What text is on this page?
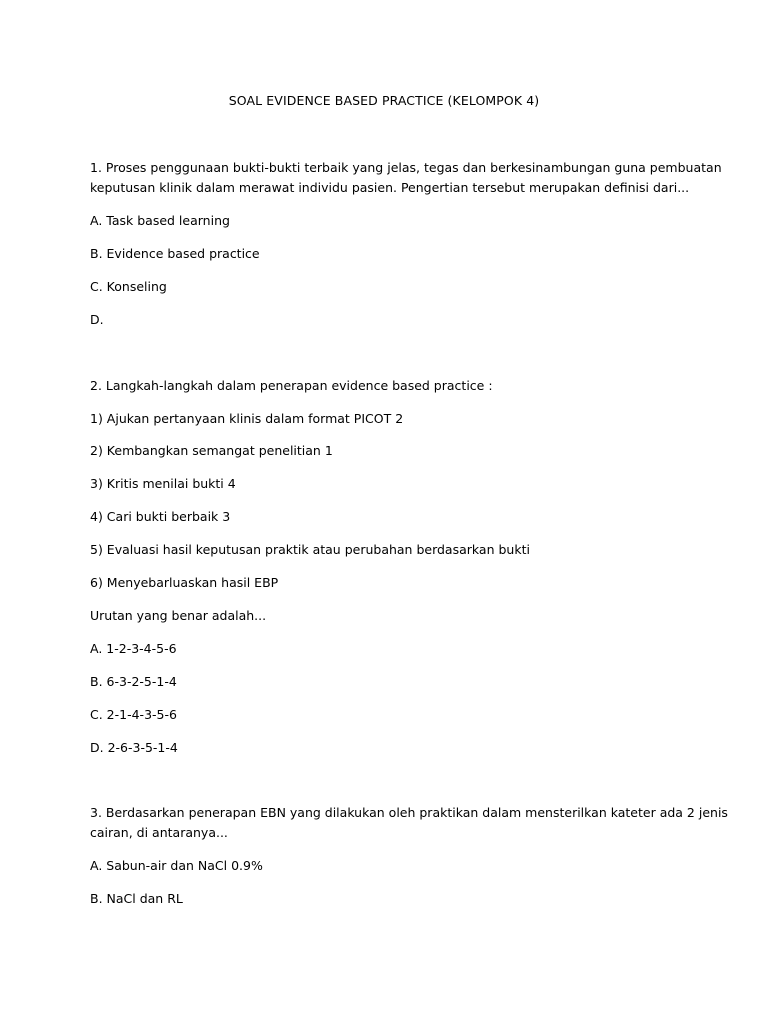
SOAL EVIDENCE BASED PRACTICE (KELOMPOK 4)
1. Proses penggunaan bukti-bukti terbaik yang jelas, tegas dan berkesinambungan guna pembuatan
keputusan klinik dalam merawat individu pasien. Pengertian tersebut merupakan definisi dari...
A. Task based learning
B. Evidence based practice
C. Konseling
D.
2. Langkah-langkah dalam penerapan evidence based practice :
1) Ajukan pertanyaan klinis dalam format PICOT 2
2) Kembangkan semangat penelitian 1
3) Kritis menilai bukti 4
4) Cari bukti berbaik 3
5) Evaluasi hasil keputusan praktik atau perubahan berdasarkan bukti
6) Menyebarluaskan hasil EBP
Urutan yang benar adalah...
A. 1-2-3-4-5-6
B. 6-3-2-5-1-4
C. 2-1-4-3-5-6
D. 2-6-3-5-1-4
3. Berdasarkan penerapan EBN yang dilakukan oleh praktikan dalam mensterilkan kateter ada 2 jenis
cairan, di antaranya...
A. Sabun-air dan NaCl 0.9%
B. NaCl dan RL
